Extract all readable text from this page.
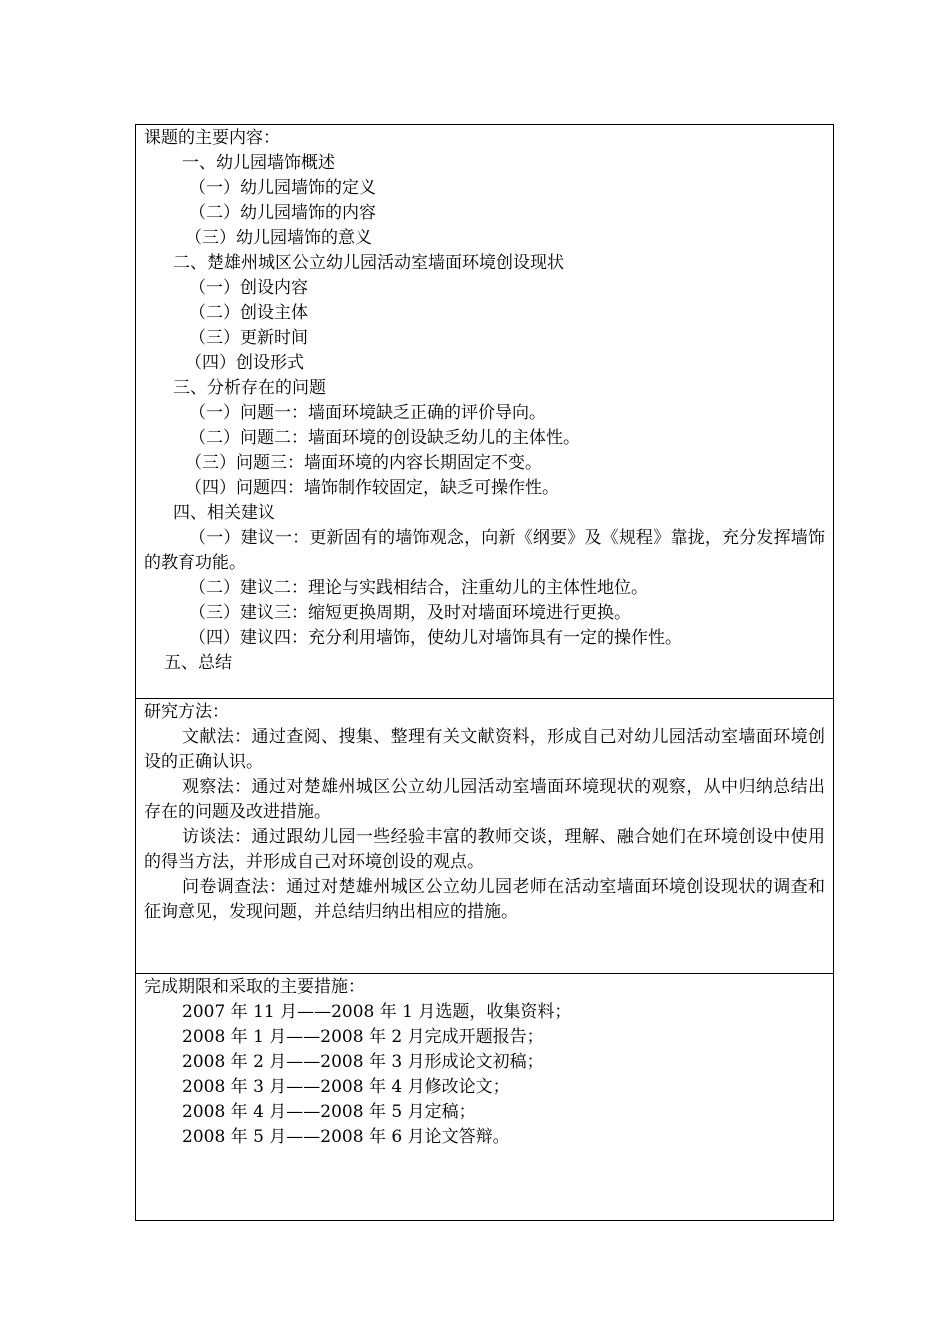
课题的主要内容：

一、幼儿园墙饰概述

（一）幼儿园墙饰的定义

（二）幼儿园墙饰的内容

（三）幼儿园墙饰的意义

二、楚雄州城区公立幼儿园活动室墙面环境创设现状

（一）创设内容

（二）创设主体

（三）更新时间

（四）创设形式

三、分析存在的问题

（一）问题一：墙面环境缺乏正确的评价导向。

（二）问题二：墙面环境的创设缺乏幼儿的主体性。

（三）问题三：墙面环境的内容长期固定不变。

（四）问题四：墙饰制作较固定，缺乏可操作性。

四、相关建议

（一）建议一：更新固有的墙饰观念，向新《纲要》及《规程》靠拢，充分发挥墙饰的教育功能。

（二）建议二：理论与实践相结合，注重幼儿的主体性地位。

（三）建议三：缩短更换周期，及时对墙面环境进行更换。

（四）建议四：充分利用墙饰，使幼儿对墙饰具有一定的操作性。

五、总结

研究方法：

文献法：通过查阅、搜集、整理有关文献资料，形成自己对幼儿园活动室墙面环境创设的正确认识。

观察法：通过对楚雄州城区公立幼儿园活动室墙面环境现状的观察，从中归纳总结出存在的问题及改进措施。

访谈法：通过跟幼儿园一些经验丰富的教师交谈，理解、融合她们在环境创设中使用的得当方法，并形成自己对环境创设的观点。

问卷调查法：通过对楚雄州城区公立幼儿园老师在活动室墙面环境创设现状的调查和征询意见，发现问题，并总结归纳出相应的措施。

完成期限和采取的主要措施：

2007 年 11 月——2008 年 1 月选题，收集资料；

2008 年 1 月——2008 年 2 月完成开题报告；

2008 年 2 月——2008 年 3 月形成论文初稿；

2008 年 3 月——2008 年 4 月修改论文；

2008 年 4 月——2008 年 5 月定稿；

2008 年 5 月——2008 年 6 月论文答辩。
